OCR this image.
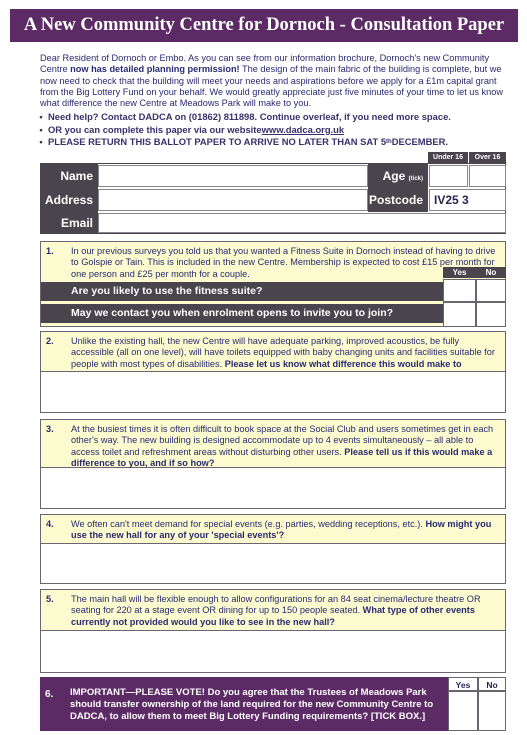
A New Community Centre for Dornoch - Consultation Paper
Dear Resident of Dornoch or Embo. As you can see from our information brochure, Dornoch's new Community Centre now has detailed planning permission! The design of the main fabric of the building is complete, but we now need to check that the building will meet your needs and aspirations before we apply for a £1m capital grant from the Big Lottery Fund on your behalf. We would greatly appreciate just five minutes of your time to let us know what difference the new Centre at Meadows Park will make to you.
• Need help? Contact DADCA on (01862) 811898. Continue overleaf, if you need more space.
• OR you can complete this paper via our website www.dadca.org.uk
• PLEASE RETURN THIS BALLOT PAPER TO ARRIVE NO LATER THAN SAT 5 th DECEMBER.
Under 16	Over 16
Name	Age (tick)
Address	Postcode IV25 3
Email
1. In our previous surveys you told us that you wanted a Fitness Suite in Dornoch instead of having to drive to Golspie or Tain. This is included in the new Centre. Membership is expected to cost £15 per month for one person and £25 per month for a couple.	Yes	No
Are you likely to use the fitness suite?
May we contact you when enrolment opens to invite you to join?
2. Unlike the existing hall, the new Centre will have adequate parking, improved acoustics, be fully accessible (all on one level), will have toilets equipped with baby changing units and facilities suitable for people with most types of disabilities. Please let us know what difference this would make to
3. At the busiest times it is often difficult to book space at the Social Club and users sometimes get in each other's way. The new building is designed accommodate up to 4 events simultaneously – all able to access toilet and refreshment areas without disturbing other users. Please tell us if this would make a difference to you, and if so how?
4. We often can't meet demand for special events (e.g. parties, wedding receptions, etc.). How might you use the new hall for any of your 'special events'?
5. The main hall will be flexible enough to allow configurations for an 84 seat cinema/lecture theatre OR seating for 220 at a stage event OR dining for up to 150 people seated. What type of other events currently not provided would you like to see in the new hall?
6. IMPORTANT—PLEASE VOTE! Do you agree that the Trustees of Meadows Park should transfer ownership of the land required for the new Community Centre to DADCA, to allow them to meet Big Lottery Funding requirements? [TICK BOX.]
Yes	No
